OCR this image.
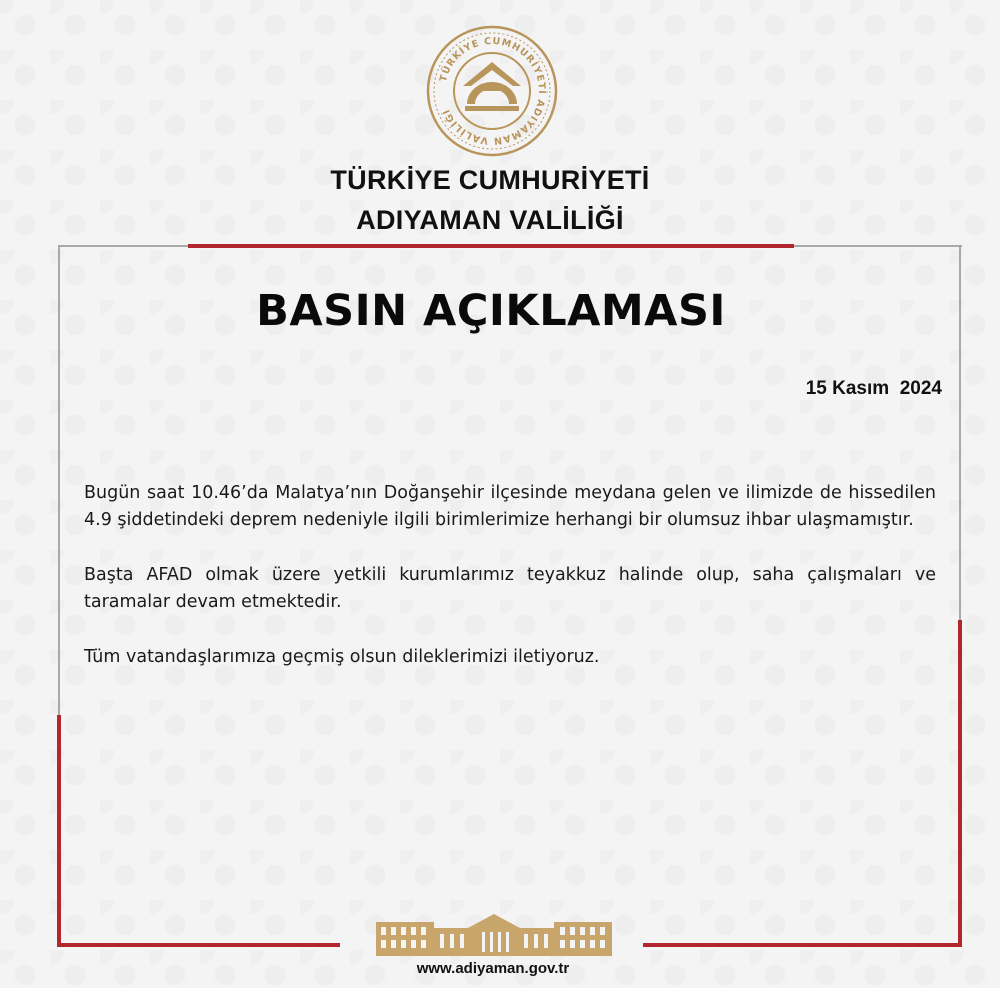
TÜRKİYE CUMHURİYETİ ADIYAMAN VALİLİĞİ
TÜRKİYE CUMHURİYETİ
ADIYAMAN VALİLİĞİ
BASIN AÇIKLAMASI
15 Kasım  2024

Bugün saat 10.46’da Malatya’nın Doğanşehir ilçesinde meydana gelen ve ilimizde de hissedilen 4.9 şiddetindeki deprem nedeniyle ilgili birimlerimize herhangi bir olumsuz ihbar ulaşmamıştır.

Başta AFAD olmak üzere yetkili kurumlarımız teyakkuz halinde olup, saha çalışmaları ve taramalar devam etmektedir.

Tüm vatandaşlarımıza geçmiş olsun dileklerimizi iletiyoruz.

www.adiyaman.gov.tr
